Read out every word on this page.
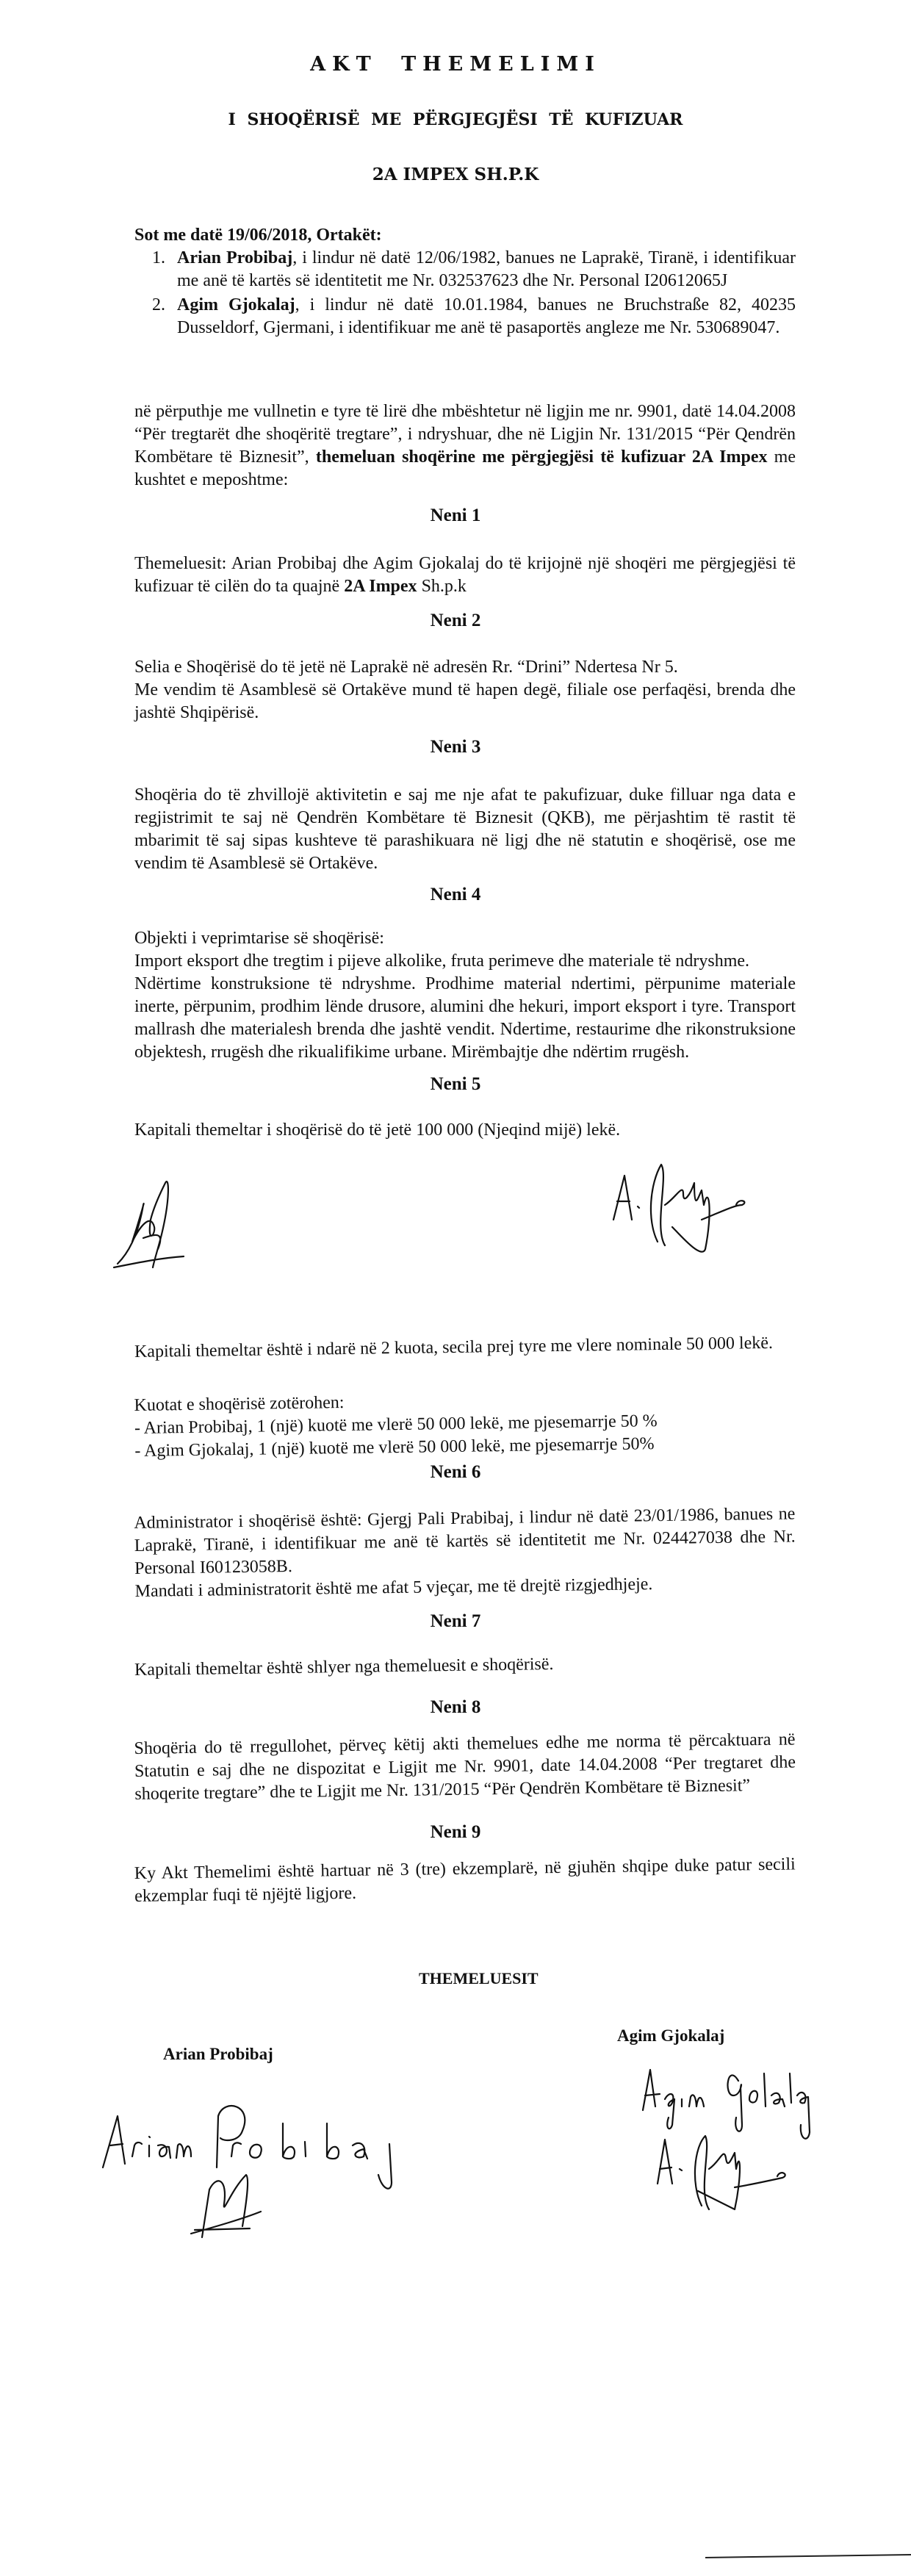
AKT THEMELIMI
I SHOQËRISË ME PËRGJEGJËSI TË KUFIZUAR
2A IMPEX SH.P.K
Sot me datë 19/06/2018, Ortakët:
1. Arian Probibaj, i lindur në datë 12/06/1982, banues ne Laprakë, Tiranë, i identifikuar me anë të kartës së identitetit me Nr. 032537623 dhe Nr. Personal I20612065J
2. Agim Gjokalaj, i lindur në datë 10.01.1984, banues ne Bruchstraße 82, 40235 Dusseldorf, Gjermani, i identifikuar me anë të pasaportës angleze me Nr. 530689047.
në përputhje me vullnetin e tyre të lirë dhe mbështetur në ligjin me nr. 9901, datë 14.04.2008 “Për tregtarët dhe shoqëritë tregtare”, i ndryshuar, dhe në Ligjin Nr. 131/2015 “Për Qendrën Kombëtare të Biznesit”, themeluan shoqërine me përgjegjësi të kufizuar 2A Impex me kushtet e meposhtme:
Neni 1
Themeluesit: Arian Probibaj dhe Agim Gjokalaj do të krijojnë një shoqëri me përgjegjësi të kufizuar të cilën do ta quajnë 2A Impex Sh.p.k
Neni 2
Selia e Shoqërisë do të jetë në Laprakë në adresën Rr. “Drini” Ndertesa Nr 5.
Me vendim të Asamblesë së Ortakëve mund të hapen degë, filiale ose perfaqësi, brenda dhe jashtë Shqipërisë.
Neni 3
Shoqëria do të zhvillojë aktivitetin e saj me nje afat te pakufizuar, duke filluar nga data e regjistrimit te saj në Qendrën Kombëtare të Biznesit (QKB), me përjashtim të rastit të mbarimit të saj sipas kushteve të parashikuara në ligj dhe në statutin e shoqërisë, ose me vendim të Asamblesë së Ortakëve.
Neni 4
Objekti i veprimtarise së shoqërisë:
Import eksport dhe tregtim i pijeve alkolike, fruta perimeve dhe materiale të ndryshme.
Ndërtime konstruksione të ndryshme. Prodhime material ndertimi, përpunime materiale inerte, përpunim, prodhim lënde drusore, alumini dhe hekuri, import eksport i tyre. Transport mallrash dhe materialesh brenda dhe jashtë vendit. Ndertime, restaurime dhe rikonstruksione objektesh, rrugësh dhe rikualifikime urbane. Mirëmbajtje dhe ndërtim rrugësh.
Neni 5
Kapitali themeltar i shoqërisë do të jetë 100 000 (Njeqind mijë) lekë.
Kapitali themeltar është i ndarë në 2 kuota, secila prej tyre me vlere nominale 50 000 lekë.
Kuotat e shoqërisë zotërohen:
- Arian Probibaj, 1 (një) kuotë me vlerë 50 000 lekë, me pjesemarrje 50 %
- Agim Gjokalaj, 1 (një) kuotë me vlerë 50 000 lekë, me pjesemarrje 50%
Neni 6
Administrator i shoqërisë është: Gjergj Pali Prabibaj, i lindur në datë 23/01/1986, banues ne Laprakë, Tiranë, i identifikuar me anë të kartës së identitetit me Nr. 024427038 dhe Nr. Personal I60123058B.
Mandati i administratorit është me afat 5 vjeçar, me të drejtë rizgjedhjeje.
Neni 7
Kapitali themeltar është shlyer nga themeluesit e shoqërisë.
Neni 8
Shoqëria do të rregullohet, përveç këtij akti themelues edhe me norma të përcaktuara në Statutin e saj dhe ne dispozitat e Ligjit me Nr. 9901, date 14.04.2008 “Per tregtaret dhe shoqerite tregtare” dhe te Ligjit me Nr. 131/2015 “Për Qendrën Kombëtare të Biznesit”
Neni 9
Ky Akt Themelimi është hartuar në 3 (tre) ekzemplarë, në gjuhën shqipe duke patur secili ekzemplar fuqi të njëjtë ligjore.
THEMELUESIT
Arian Probibaj
Agim Gjokalaj
